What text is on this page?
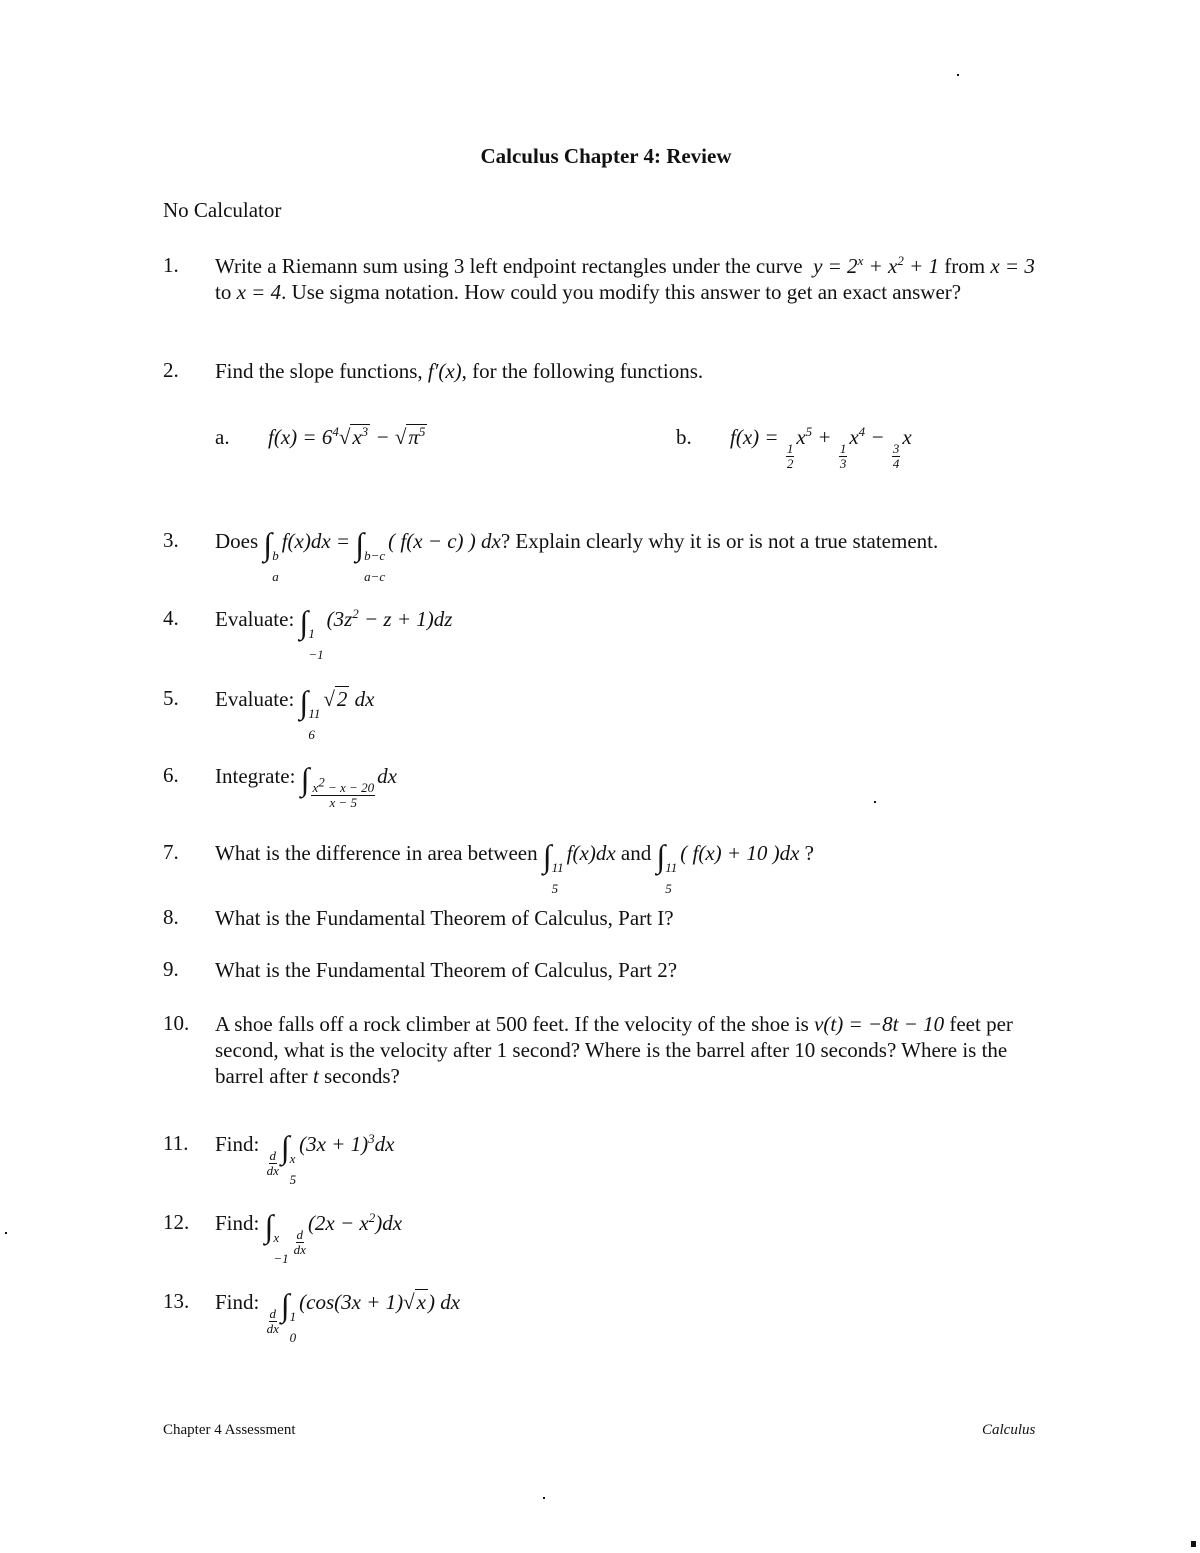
Calculus Chapter 4: Review
No Calculator
1. Write a Riemann sum using 3 left endpoint rectangles under the curve  $y = 2^x + x^2 + 1$ from x = 3 to x = 4. Use sigma notation. How could you modify this answer to get an exact answer?
2. Find the slope functions, f′(x), for the following functions.
a. $f(x) = 6^4√x^3 - √\pi^5$	b. f(x) =
$\frac{1}{2}$
$x^5$ +
$\frac{1}{3}$
$x^4$ −
$\frac{3}{4}$
x
3. Does ∫ b
a
f(x)dx = ∫ b−c
a−c
( f(x − c) ) dx? Explain clearly why it is or is not a true statement.
4. Evaluate: ∫ 1
−1
$(3z^2 - z + 1)dz$
5. Evaluate: ∫ 11
6
√2 dx
6. Integrate: ∫ $\frac{x2 - x - 20}{x - 5}$
dx
7. What is the difference in area between ∫ 11
5
f(x)dx and ∫ 11
5
( f(x) + 10 )dx ?
8. What is the Fundamental Theorem of Calculus, Part I?
9. What is the Fundamental Theorem of Calculus, Part 2?
10. A shoe falls off a rock climber at 500 feet. If the velocity of the shoe is v(t) = −8t − 10 feet per second, what is the velocity after 1 second? Where is the barrel after 10 seconds? Where is the barrel after t seconds?
11. Find:
$\frac{d}{dx}$ ∫ x
5
$(3x + 1)^3dx$
12. Find: ∫ x
−1
$\frac{d}{dx}$
$(2x - x^2)dx$
13. Find:
$\frac{d}{dx}$ ∫ 1
0
(cos(3x + 1)√x) dx
Chapter 4 Assessment	Calculus
